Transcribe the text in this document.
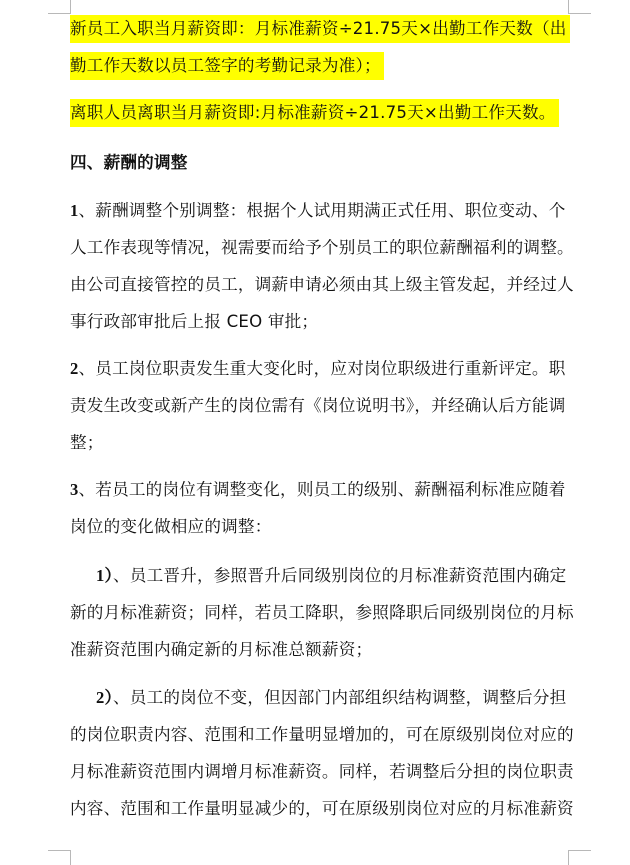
新员工入职当月薪资即：月标准薪资÷21.75天×出勤工作天数（出
勤工作天数以员工签字的考勤记录为准）；
离职人员离职当月薪资即:月标准薪资÷21.75天×出勤工作天数。
四、薪酬的调整
1、薪酬调整个别调整：根据个人试用期满正式任用、职位变动、个
人工作表现等情况，视需要而给予个别员工的职位薪酬福利的调整。
由公司直接管控的员工，调薪申请必须由其上级主管发起，并经过人
事行政部审批后上报 CEO 审批；
2、员工岗位职责发生重大变化时，应对岗位职级进行重新评定。职
责发生改变或新产生的岗位需有《岗位说明书》，并经确认后方能调
整；
3、若员工的岗位有调整变化，则员工的级别、薪酬福利标准应随着
岗位的变化做相应的调整：
1）、员工晋升，参照晋升后同级别岗位的月标准薪资范围内确定
新的月标准薪资；同样，若员工降职，参照降职后同级别岗位的月标
准薪资范围内确定新的月标准总额薪资；
2）、员工的岗位不变，但因部门内部组织结构调整，调整后分担
的岗位职责内容、范围和工作量明显增加的，可在原级别岗位对应的
月标准薪资范围内调增月标准薪资。同样，若调整后分担的岗位职责
内容、范围和工作量明显减少的，可在原级别岗位对应的月标准薪资
